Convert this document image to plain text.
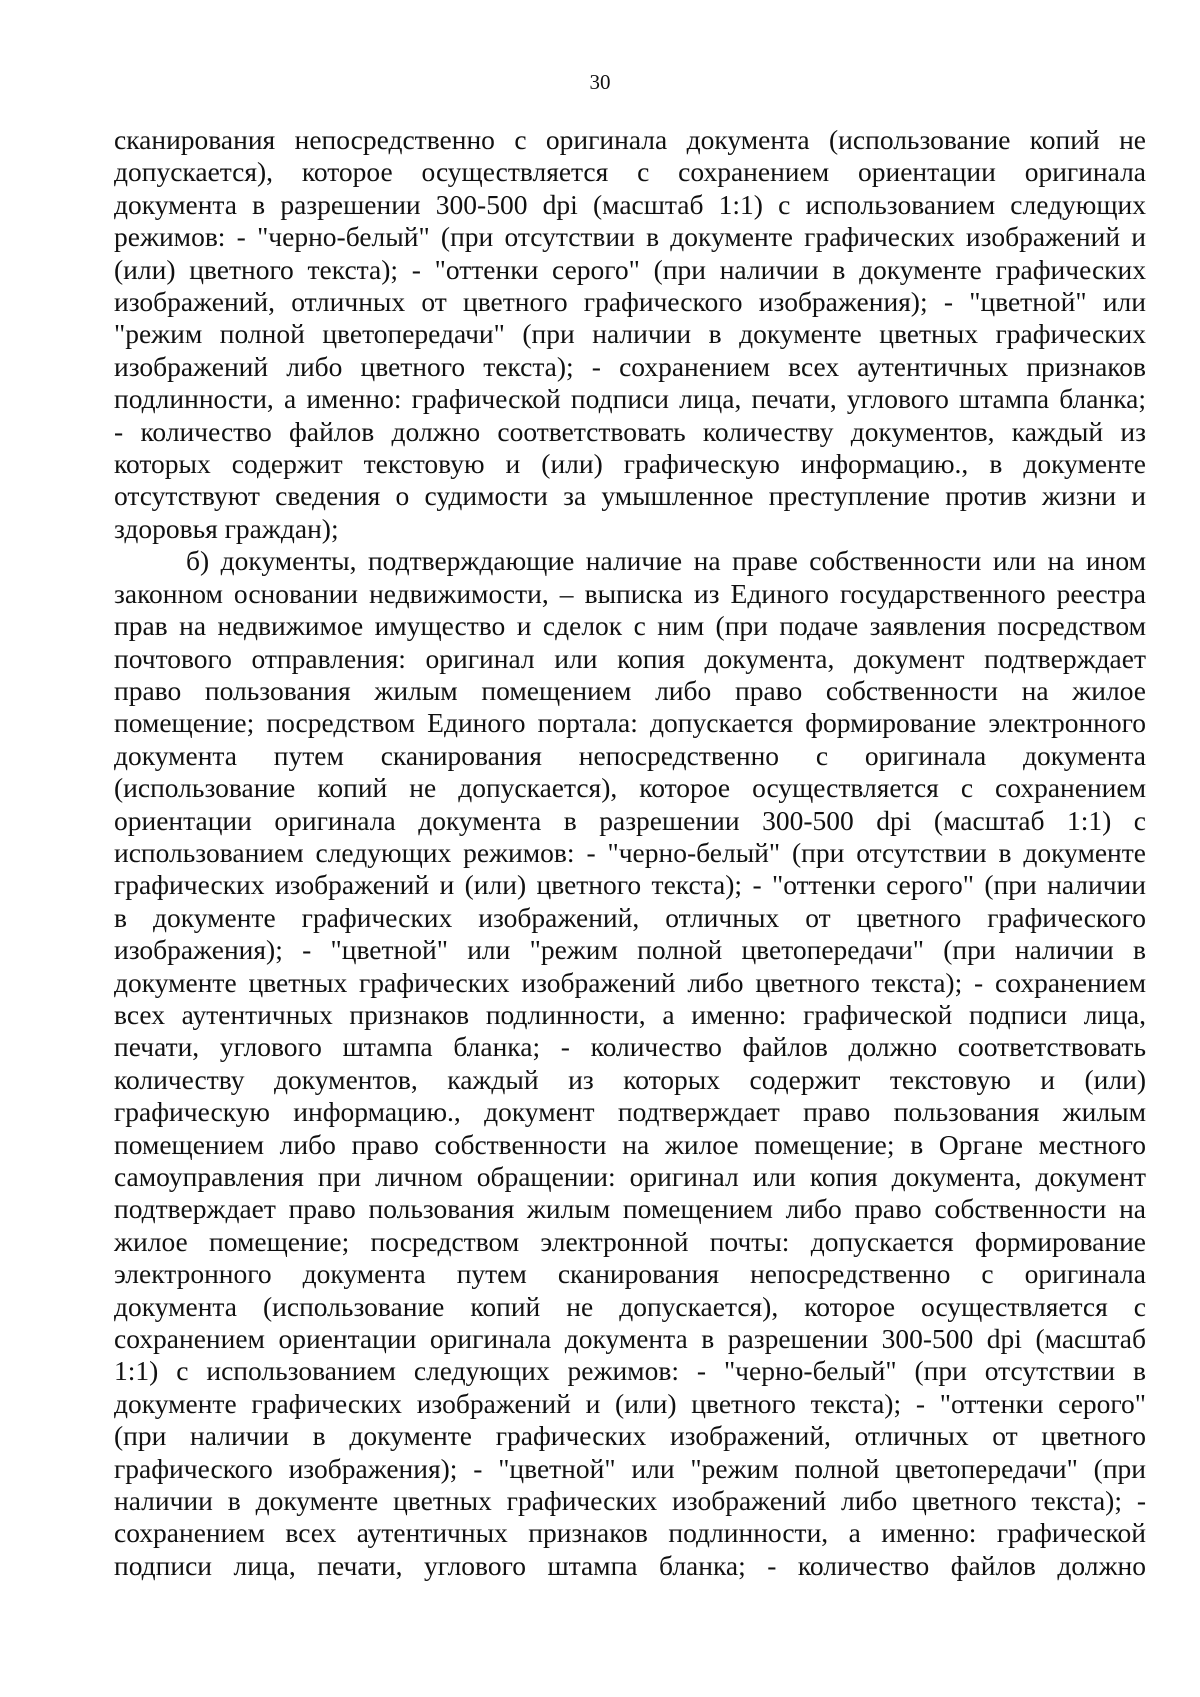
30
сканирования непосредственно с оригинала документа (использование копий не
допускается), которое осуществляется с сохранением ориентации оригинала
документа в разрешении 300-500 dpi (масштаб 1:1) с использованием следующих
режимов: - "черно-белый" (при отсутствии в документе графических изображений и
(или) цветного текста); - "оттенки серого" (при наличии в документе графических
изображений, отличных от цветного графического изображения); - "цветной" или
"режим полной цветопередачи" (при наличии в документе цветных графических
изображений либо цветного текста); - сохранением всех аутентичных признаков
подлинности, а именно: графической подписи лица, печати, углового штампа бланка;
- количество файлов должно соответствовать количеству документов, каждый из
которых содержит текстовую и (или) графическую информацию., в документе
отсутствуют сведения о судимости за умышленное преступление против жизни и
здоровья граждан);
б) документы, подтверждающие наличие на праве собственности или на ином
законном основании недвижимости, – выписка из Единого государственного реестра
прав на недвижимое имущество и сделок с ним (при подаче заявления посредством
почтового отправления: оригинал или копия документа, документ подтверждает
право пользования жилым помещением либо право собственности на жилое
помещение; посредством Единого портала: допускается формирование электронного
документа путем сканирования непосредственно с оригинала документа
(использование копий не допускается), которое осуществляется с сохранением
ориентации оригинала документа в разрешении 300-500 dpi (масштаб 1:1) с
использованием следующих режимов: - "черно-белый" (при отсутствии в документе
графических изображений и (или) цветного текста); - "оттенки серого" (при наличии
в документе графических изображений, отличных от цветного графического
изображения); - "цветной" или "режим полной цветопередачи" (при наличии в
документе цветных графических изображений либо цветного текста); - сохранением
всех аутентичных признаков подлинности, а именно: графической подписи лица,
печати, углового штампа бланка; - количество файлов должно соответствовать
количеству документов, каждый из которых содержит текстовую и (или)
графическую информацию., документ подтверждает право пользования жилым
помещением либо право собственности на жилое помещение; в Органе местного
самоуправления при личном обращении: оригинал или копия документа, документ
подтверждает право пользования жилым помещением либо право собственности на
жилое помещение; посредством электронной почты: допускается формирование
электронного документа путем сканирования непосредственно с оригинала
документа (использование копий не допускается), которое осуществляется с
сохранением ориентации оригинала документа в разрешении 300-500 dpi (масштаб
1:1) с использованием следующих режимов: - "черно-белый" (при отсутствии в
документе графических изображений и (или) цветного текста); - "оттенки серого"
(при наличии в документе графических изображений, отличных от цветного
графического изображения); - "цветной" или "режим полной цветопередачи" (при
наличии в документе цветных графических изображений либо цветного текста); -
сохранением всех аутентичных признаков подлинности, а именно: графической
подписи лица, печати, углового штампа бланка; - количество файлов должно
